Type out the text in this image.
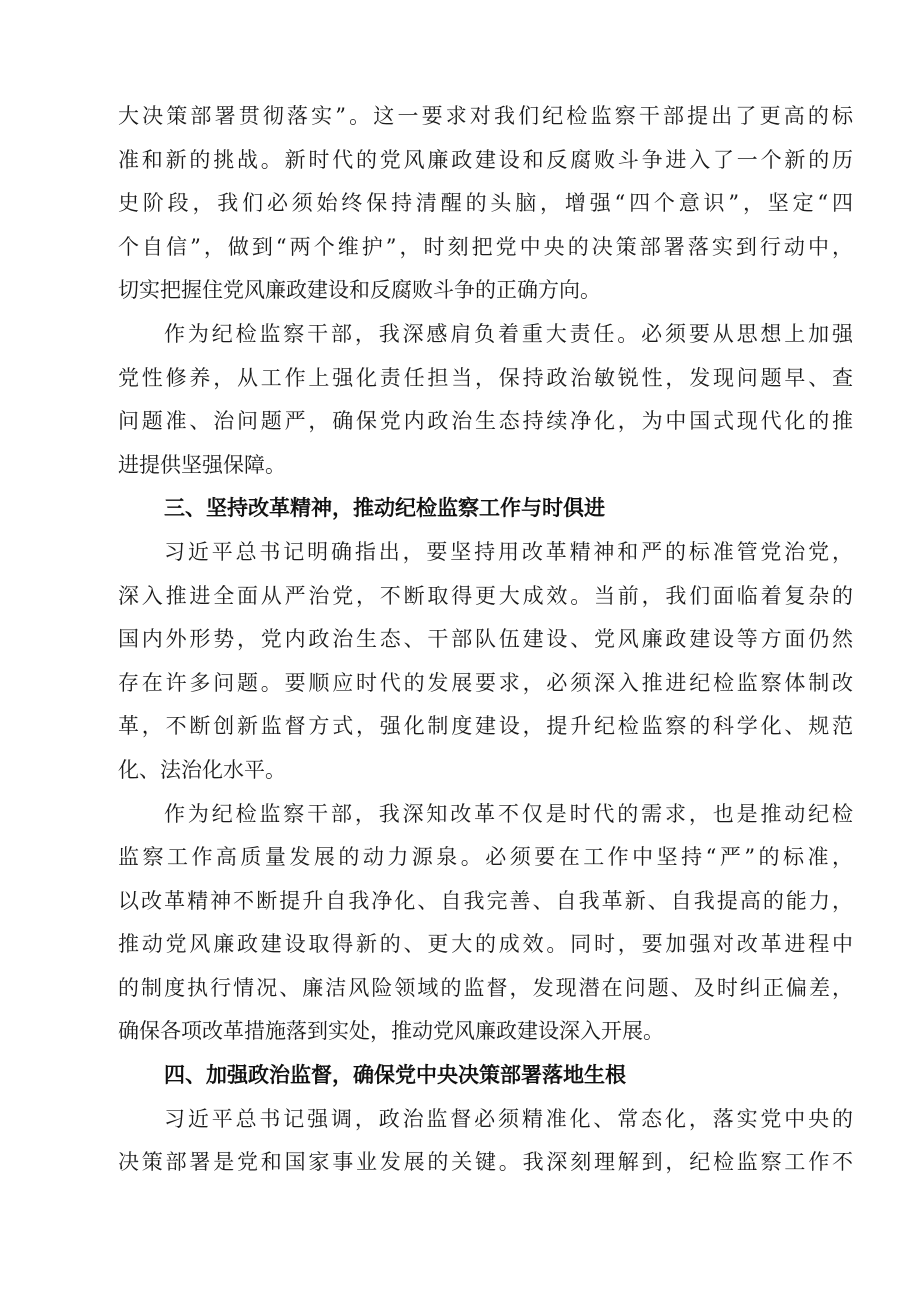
大决策部署贯彻落实”。这一要求对我们纪检监察干部提出了更高的标
准和新的挑战。新时代的党风廉政建设和反腐败斗争进入了一个新的历
史阶段，我们必须始终保持清醒的头脑，增强“四个意识”，坚定“四
个自信”，做到“两个维护”，时刻把党中央的决策部署落实到行动中，
切实把握住党风廉政建设和反腐败斗争的正确方向。
作为纪检监察干部，我深感肩负着重大责任。必须要从思想上加强
党性修养，从工作上强化责任担当，保持政治敏锐性，发现问题早、查
问题准、治问题严，确保党内政治生态持续净化，为中国式现代化的推
进提供坚强保障。
三、坚持改革精神，推动纪检监察工作与时俱进
习近平总书记明确指出，要坚持用改革精神和严的标准管党治党，
深入推进全面从严治党，不断取得更大成效。当前，我们面临着复杂的
国内外形势，党内政治生态、干部队伍建设、党风廉政建设等方面仍然
存在许多问题。要顺应时代的发展要求，必须深入推进纪检监察体制改
革，不断创新监督方式，强化制度建设，提升纪检监察的科学化、规范
化、法治化水平。
作为纪检监察干部，我深知改革不仅是时代的需求，也是推动纪检
监察工作高质量发展的动力源泉。必须要在工作中坚持“严”的标准，
以改革精神不断提升自我净化、自我完善、自我革新、自我提高的能力，
推动党风廉政建设取得新的、更大的成效。同时，要加强对改革进程中
的制度执行情况、廉洁风险领域的监督，发现潜在问题、及时纠正偏差，
确保各项改革措施落到实处，推动党风廉政建设深入开展。
四、加强政治监督，确保党中央决策部署落地生根
习近平总书记强调，政治监督必须精准化、常态化，落实党中央的
决策部署是党和国家事业发展的关键。我深刻理解到，纪检监察工作不
